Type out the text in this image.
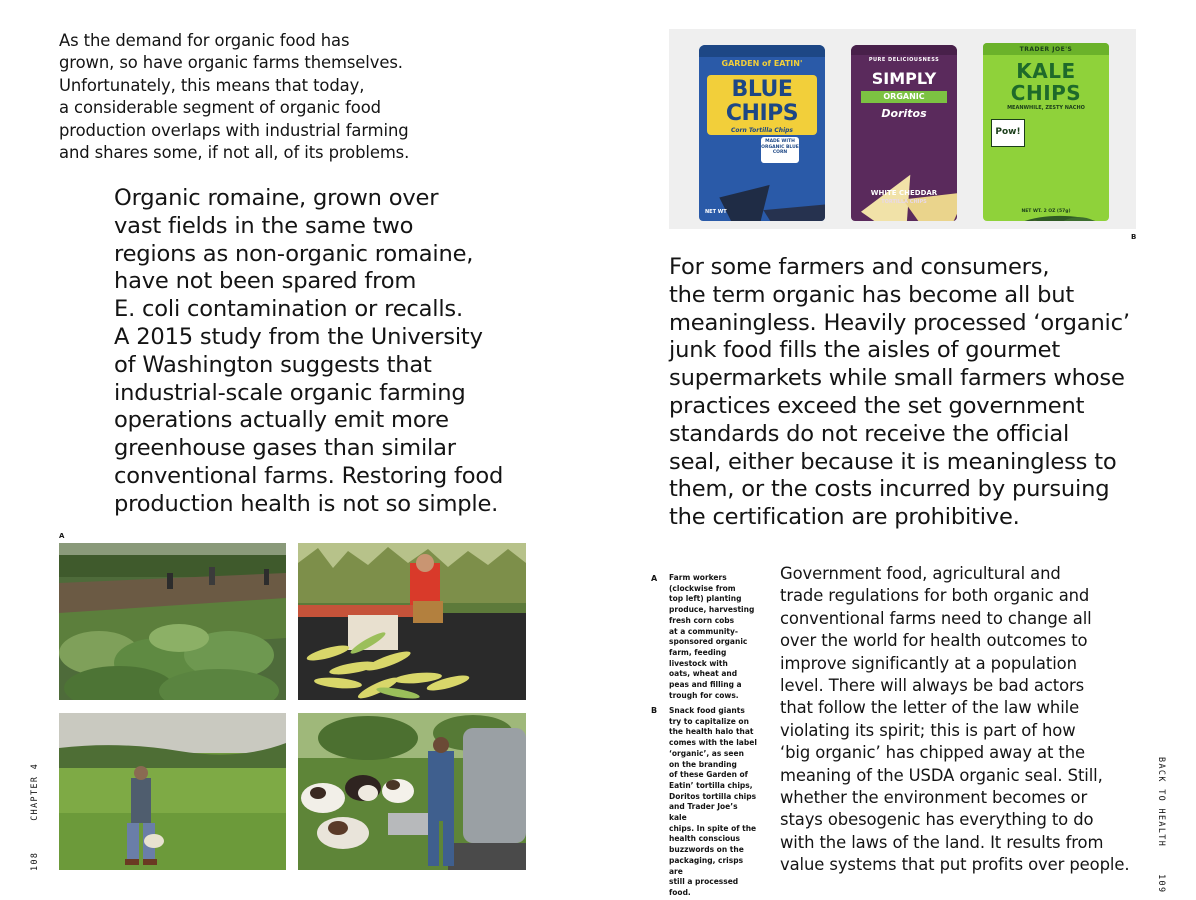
As the demand for organic food has
grown, so have organic farms themselves.
Unfortunately, this means that today,
a considerable segment of organic food
production overlaps with industrial farming
and shares some, if not all, of its problems.
Organic romaine, grown over
vast fields in the same two
regions as non-organic romaine,
have not been spared from
E. coli contamination or recalls.
A 2015 study from the University
of Washington suggests that
industrial-scale organic farming
operations actually emit more
greenhouse gases than similar
conventional farms. Restoring food
production health is not so simple.
A
A Farm workers
(clockwise from
top left) planting
produce, harvesting
fresh corn cobs
at a community-
sponsored organic
farm, feeding
livestock with
oats, wheat and
peas and filling a
trough for cows.
B Snack food giants
try to capitalize on
the health halo that
comes with the label
‘organic’, as seen
on the branding
of these Garden of
Eatin’ tortilla chips,
Doritos tortilla chips
and Trader Joe’s kale
chips. In spite of the
health conscious
buzzwords on the
packaging, crisps are
still a processed food.
108  CHAPTER 4
GARDEN of EATIN'
BLUE
CHIPS
Corn Tortilla Chips
MADE WITH ORGANIC BLUE CORN
NET WT
PURE DELICIOUSNESS
SIMPLY
ORGANIC
Doritos
WHITE CHEDDAR
TORTILLA CHIPS
TRADER JOE'S
KALE
CHIPS
MEANWHILE, ZESTY NACHO
Pow!
NET WT. 2 OZ (57g)
B
For some farmers and consumers,
the term organic has become all but
meaningless. Heavily processed ‘organic’
junk food fills the aisles of gourmet
supermarkets while small farmers whose
practices exceed the set government
standards do not receive the official
seal, either because it is meaningless to
them, or the costs incurred by pursuing
the certification are prohibitive.
Government food, agricultural and
trade regulations for both organic and
conventional farms need to change all
over the world for health outcomes to
improve significantly at a population
level. There will always be bad actors
that follow the letter of the law while
violating its spirit; this is part of how
‘big organic’ has chipped away at the
meaning of the USDA organic seal. Still,
whether the environment becomes or
stays obesogenic has everything to do
with the laws of the land. It results from
value systems that put profits over people.
BACK TO HEALTH  109
